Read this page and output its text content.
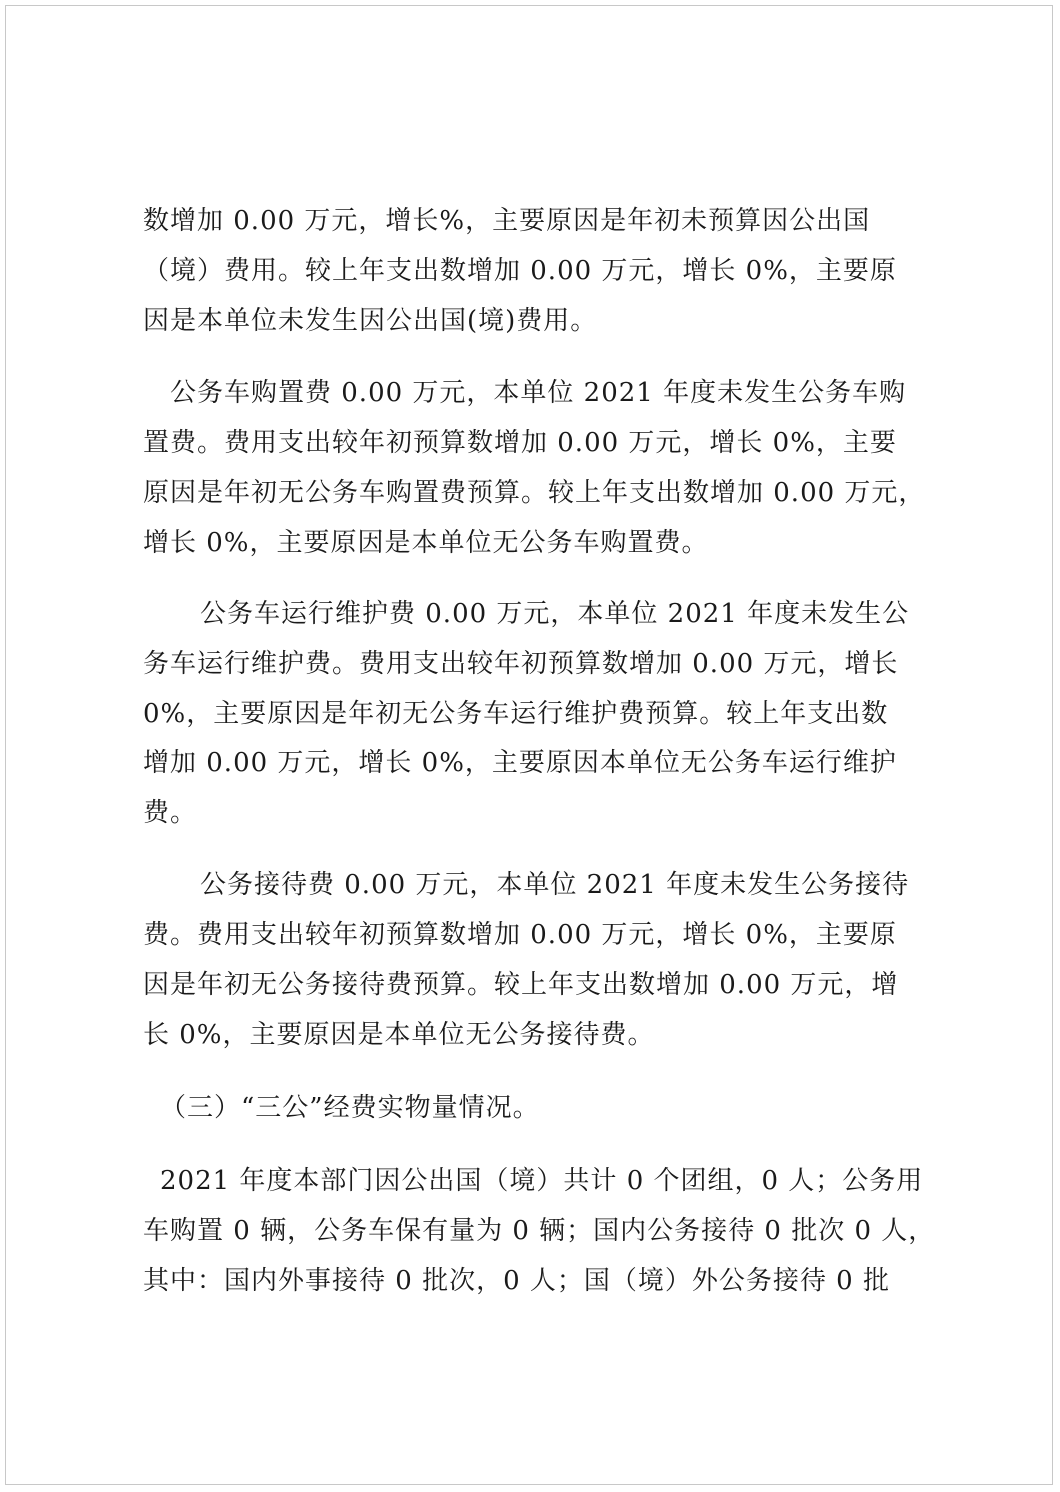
数增加 0.00 万元，增长%，主要原因是年初未预算因公出国

（境）费用。较上年支出数增加 0.00 万元，增长 0%，主要原

因是本单位未发生因公出国(境)费用。

公务车购置费 0.00 万元，本单位 2021 年度未发生公务车购

置费。费用支出较年初预算数增加 0.00 万元，增长 0%，主要

原因是年初无公务车购置费预算。较上年支出数增加 0.00 万元，

增长 0%，主要原因是本单位无公务车购置费。

公务车运行维护费 0.00 万元，本单位 2021 年度未发生公

务车运行维护费。费用支出较年初预算数增加 0.00 万元，增长

0%，主要原因是年初无公务车运行维护费预算。较上年支出数

增加 0.00 万元，增长 0%，主要原因本单位无公务车运行维护

费。

公务接待费 0.00 万元，本单位 2021 年度未发生公务接待

费。费用支出较年初预算数增加 0.00 万元，增长 0%，主要原

因是年初无公务接待费预算。较上年支出数增加 0.00 万元，增

长 0%，主要原因是本单位无公务接待费。

（三）“三公”经费实物量情况。

2021 年度本部门因公出国（境）共计 0 个团组，0 人；公务用

车购置 0 辆，公务车保有量为 0 辆；国内公务接待 0 批次 0 人，

其中：国内外事接待 0 批次，0 人；国（境）外公务接待 0 批
